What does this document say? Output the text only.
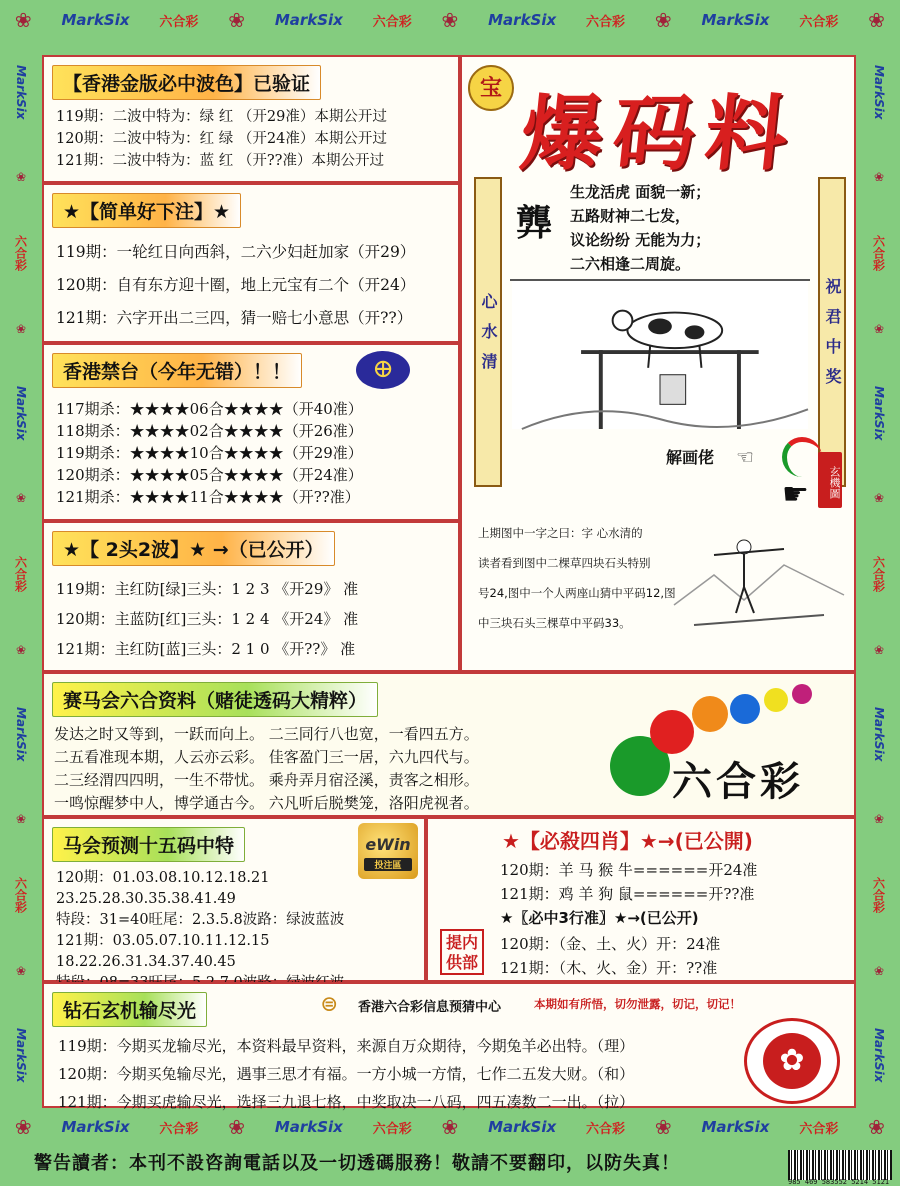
❀ MarkSix 六合彩 ❀ MarkSix 六合彩 ❀ MarkSix 六合彩 ❀ MarkSix 六合彩 ❀
❀ MarkSix 六合彩 ❀ MarkSix 六合彩 ❀ MarkSix 六合彩 ❀ MarkSix 六合彩 ❀
MarkSix
❀
六合彩
❀
MarkSix
❀
六合彩
❀
MarkSix
❀
六合彩
❀
MarkSix
MarkSix
❀
六合彩
❀
MarkSix
❀
六合彩
❀
MarkSix
❀
六合彩
❀
MarkSix
【香港金版必中波色】已验证
119期：二波中特为：绿 红 （开29准）本期公开过
120期：二波中特为：红 绿 （开24准）本期公开过
121期：二波中特为：蓝 红 （开??准）本期公开过
★【简单好下注】★
119期：一轮红日向西斜，二六少妇赶加家（开29）
120期：自有东方迎十圈，地上元宝有二个（开24）
121期：六字开出二三四，猜一赔七小意思（开??）
香港禁台（今年无错）！！	⊕
117期杀：★★★★06合★★★★（开40准）
118期杀：★★★★02合★★★★（开26准）
119期杀：★★★★10合★★★★（开29准）
120期杀：★★★★05合★★★★（开24准）
121期杀：★★★★11合★★★★（开??准）
★【 2头2波】★ →（已公开）
119期：主红防[绿]三头：1 2 3 《开29》 准
120期：主蓝防[红]三头：1 2 4 《开24》 准
121期：主红防[蓝]三头：2 1 0 《开??》 准
宝 爆码料
心水清	祝君中奖
龏
生龙活虎 面貌一新；
五路财神二七发，
议论纷纷 无能为力；
二六相逢二周旋。
解画佬 ☜
玄機圖
☛
上期图中一字之曰：字 心水清的
读者看到图中二棵草四块石头特别
号24,图中一个人两座山猜中平码12,图
中三块石头三棵草中平码33。
赛马会六合资料（赌徒透码大精粹）
发达之时又等到，一跃而向上。 二三同行八也宽，一看四五方。
二五看准现本期，人云亦云彩。 佳客盈门三一居，六九四代与。
二三经渭四四明，一生不带忧。 乘舟弄月宿泾溪，责客之相形。
一鸣惊醒梦中人，博学通古今。 六凡听后脱樊笼，洛阳虎视者。	六合彩
马会预测十五码中特	eWin
投注區
120期：01.03.08.10.12.18.21
23.25.28.30.35.38.41.49
特段：31=40旺尾：2.3.5.8波路：绿波蓝波
121期：03.05.07.10.11.12.15
18.22.26.31.34.37.40.45
★【必殺四肖】★→(已公開)
120期：羊 马 猴 牛======开24准
121期：鸡 羊 狗 鼠======开??准
★〖必中3行准〗★→(已公开)
120期：（金、土、火）开：24准
121期：（木、火、金）开：??准
提内供部
钻石玄机输尽光	⊜ 香港六合彩信息预猜中心	本期如有所悟，切勿泄露，切记，切记！
119期：今期买龙输尽光，本资料最早资料，来源自万众期待，今期兔羊必出特。（理）
120期：今期买兔输尽光，遇事三思才有福。一方小城一方情，七作二五发大财。（和）
121期：今期买虎输尽光，选择三九退七格，中奖取决一八码，四五凑数二一出。（拉）
✿
警告讀者：本刊不設咨詢電話以及一切透碼服務！敬請不要翻印，以防失真！
985 469 583552 5214 5121
